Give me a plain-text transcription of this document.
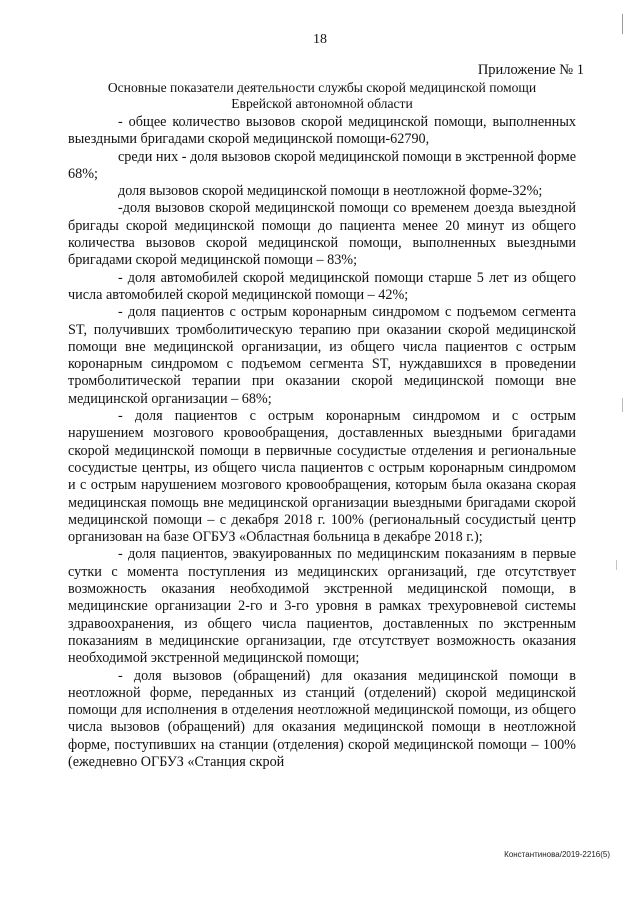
18
Приложение № 1
Основные показатели деятельности службы скорой медицинской помощи
Еврейской автономной области

- общее количество вызовов скорой медицинской помощи, выполненных выездными бригадами скорой медицинской помощи-62790,

среди них - доля вызовов скорой медицинской помощи в экстренной форме 68%;

доля вызовов скорой медицинской помощи в неотложной форме-32%;

-доля вызовов скорой медицинской помощи со временем доезда выездной бригады скорой медицинской помощи до пациента менее 20 минут из общего количества вызовов скорой медицинской помощи, выполненных выездными бригадами скорой медицинской помощи – 83%;

- доля автомобилей скорой медицинской помощи старше 5 лет из общего числа автомобилей скорой медицинской помощи – 42%;

- доля пациентов с острым коронарным синдромом с подъемом сегмента ST, получивших тромболитическую терапию при оказании скорой медицинской помощи вне медицинской организации, из общего числа пациентов с острым коронарным синдромом с подъемом сегмента ST, нуждавшихся в проведении тромболитической терапии при оказании скорой медицинской помощи вне медицинской организации – 68%;

- доля пациентов с острым коронарным синдромом и с острым нарушением мозгового кровообращения, доставленных выездными бригадами скорой медицинской помощи в первичные сосудистые отделения и региональные сосудистые центры, из общего числа пациентов с острым коронарным синдромом и с острым нарушением мозгового кровообращения, которым была оказана скорая медицинская помощь вне медицинской организации выездными бригадами скорой медицинской помощи – с декабря 2018 г. 100% (региональный сосудистый центр организован на базе ОГБУЗ «Областная больница в декабре 2018 г.);

- доля пациентов, эвакуированных по медицинским показаниям в первые сутки с момента поступления из медицинских организаций, где отсутствует возможность оказания необходимой экстренной медицинской помощи, в медицинские организации 2-го и 3-го уровня в рамках трехуровневой системы здравоохранения, из общего числа пациентов, доставленных по экстренным показаниям в медицинские организации, где отсутствует возможность оказания необходимой экстренной медицинской помощи;

- доля вызовов (обращений) для оказания медицинской помощи в неотложной форме, переданных из станций (отделений) скорой медицинской помощи для исполнения в отделения неотложной медицинской помощи, из общего числа вызовов (обращений) для оказания медицинской помощи в неотложной форме, поступивших на станции (отделения) скорой медицинской помощи – 100% (ежедневно ОГБУЗ «Станция скрой

Константинова/2019-2216(5)
